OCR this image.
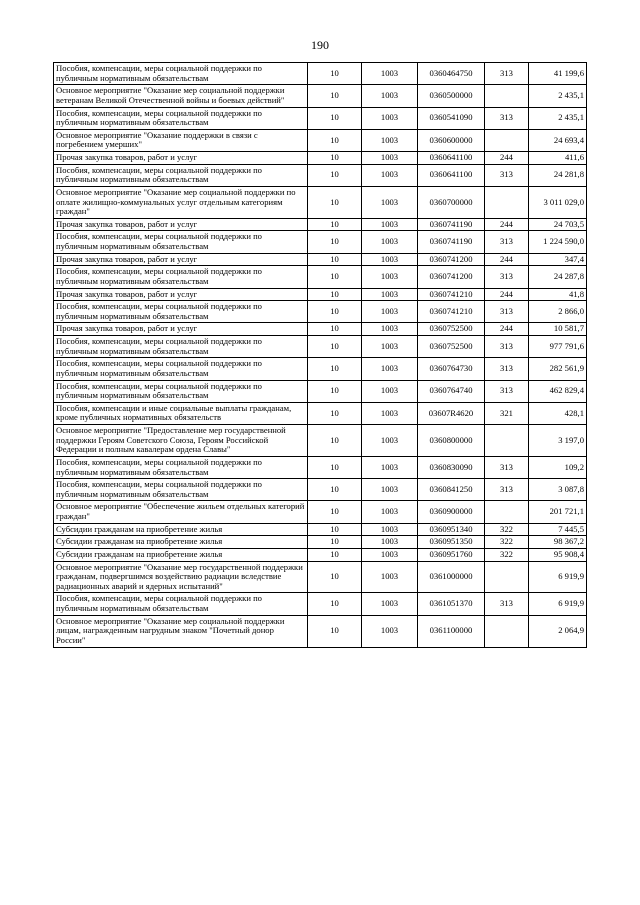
190
Пособия, компенсации, меры социальной поддержки по публичным нормативным обязательствам	10	1003	0360464750	313	41 199,6
Основное мероприятие "Оказание мер социальной поддержки ветеранам Великой Отечественной войны и боевых действий"	10	1003	0360500000		2 435,1
Пособия, компенсации, меры социальной поддержки по публичным нормативным обязательствам	10	1003	0360541090	313	2 435,1
Основное мероприятие "Оказание поддержки в связи с погребением умерших"	10	1003	0360600000		24 693,4
Прочая закупка товаров, работ и услуг	10	1003	0360641100	244	411,6
Пособия, компенсации, меры социальной поддержки по публичным нормативным обязательствам	10	1003	0360641100	313	24 281,8
Основное мероприятие "Оказание мер социальной поддержки по оплате жилищно-коммунальных услуг отдельным категориям граждан"	10	1003	0360700000		3 011 029,0
Прочая закупка товаров, работ и услуг	10	1003	0360741190	244	24 703,5
Пособия, компенсации, меры социальной поддержки по публичным нормативным обязательствам	10	1003	0360741190	313	1 224 590,0
Прочая закупка товаров, работ и услуг	10	1003	0360741200	244	347,4
Пособия, компенсации, меры социальной поддержки по публичным нормативным обязательствам	10	1003	0360741200	313	24 287,8
Прочая закупка товаров, работ и услуг	10	1003	0360741210	244	41,8
Пособия, компенсации, меры социальной поддержки по публичным нормативным обязательствам	10	1003	0360741210	313	2 866,0
Прочая закупка товаров, работ и услуг	10	1003	0360752500	244	10 581,7
Пособия, компенсации, меры социальной поддержки по публичным нормативным обязательствам	10	1003	0360752500	313	977 791,6
Пособия, компенсации, меры социальной поддержки по публичным нормативным обязательствам	10	1003	0360764730	313	282 561,9
Пособия, компенсации, меры социальной поддержки по публичным нормативным обязательствам	10	1003	0360764740	313	462 829,4
Пособия, компенсации и иные социальные выплаты гражданам, кроме публичных нормативных обязательств	10	1003	03607R4620	321	428,1
Основное мероприятие "Предоставление мер государственной поддержки Героям Советского Союза, Героям Российской Федерации и полным кавалерам ордена Славы"	10	1003	0360800000		3 197,0
Пособия, компенсации, меры социальной поддержки по публичным нормативным обязательствам	10	1003	0360830090	313	109,2
Пособия, компенсации, меры социальной поддержки по публичным нормативным обязательствам	10	1003	0360841250	313	3 087,8
Основное мероприятие "Обеспечение жильем отдельных категорий граждан"	10	1003	0360900000		201 721,1
Субсидии гражданам на приобретение жилья	10	1003	0360951340	322	7 445,5
Субсидии гражданам на приобретение жилья	10	1003	0360951350	322	98 367,2
Субсидии гражданам на приобретение жилья	10	1003	0360951760	322	95 908,4
Основное мероприятие "Оказание мер государственной поддержки гражданам, подвергшимся воздействию радиации вследствие радиационных аварий и ядерных испытаний"	10	1003	0361000000		6 919,9
Пособия, компенсации, меры социальной поддержки по публичным нормативным обязательствам	10	1003	0361051370	313	6 919,9
Основное мероприятие "Оказание мер социальной поддержки лицам, награжденным нагрудным знаком "Почетный донор России"	10	1003	0361100000		2 064,9
